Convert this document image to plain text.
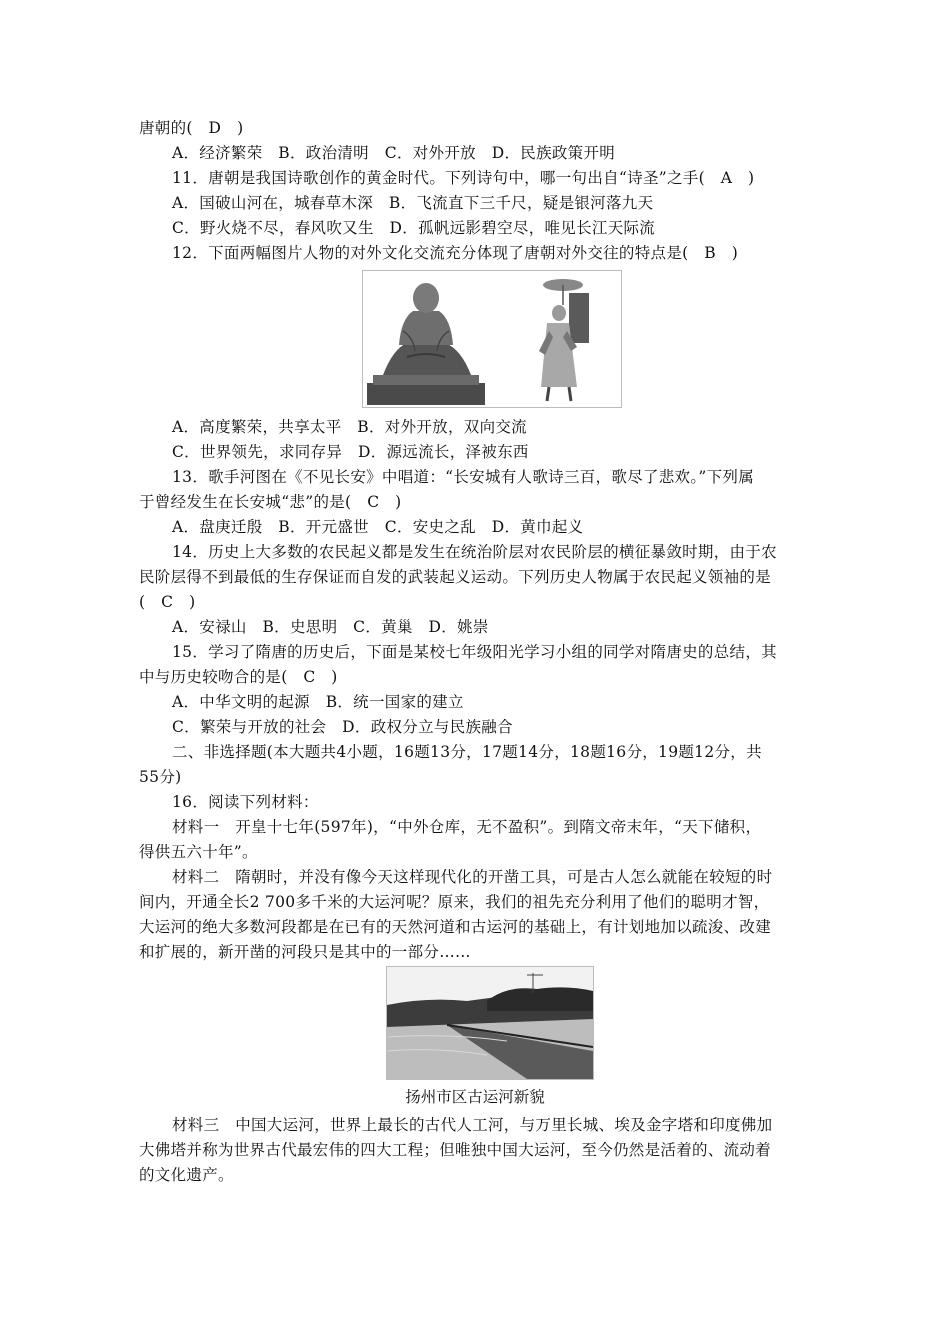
唐朝的(　D　)
A．经济繁荣　B．政治清明　C．对外开放　D．民族政策开明
11．唐朝是我国诗歌创作的黄金时代。下列诗句中，哪一句出自“诗圣”之手(　A　)
A．国破山河在，城春草木深　B．飞流直下三千尺，疑是银河落九天
C．野火烧不尽，春风吹又生　D．孤帆远影碧空尽，唯见长江天际流
12．下面两幅图片人物的对外文化交流充分体现了唐朝对外交往的特点是(　B　)
A．高度繁荣，共享太平　B．对外开放，双向交流
C．世界领先，求同存异　D．源远流长，泽被东西
13．歌手河图在《不见长安》中唱道：“长安城有人歌诗三百，歌尽了悲欢。”下列属
于曾经发生在长安城“悲”的是(　C　)
A．盘庚迁殷　B．开元盛世　C．安史之乱　D．黄巾起义
14．历史上大多数的农民起义都是发生在统治阶层对农民阶层的横征暴敛时期，由于农
民阶层得不到最低的生存保证而自发的武装起义运动。下列历史人物属于农民起义领袖的是
(　C　)
A．安禄山　B．史思明　C．黄巢　D．姚崇
15．学习了隋唐的历史后，下面是某校七年级阳光学习小组的同学对隋唐史的总结，其
中与历史较吻合的是(　C　)
A．中华文明的起源　B．统一国家的建立
C．繁荣与开放的社会　D．政权分立与民族融合
二、非选择题(本大题共4小题，16题13分，17题14分，18题16分，19题12分，共
55分)
16．阅读下列材料：
材料一　开皇十七年(597年)，“中外仓库，无不盈积”。到隋文帝末年，“天下储积，
得供五六十年”。
材料二　隋朝时，并没有像今天这样现代化的开凿工具，可是古人怎么就能在较短的时
间内，开通全长2 700多千米的大运河呢？原来，我们的祖先充分利用了他们的聪明才智，
大运河的绝大多数河段都是在已有的天然河道和古运河的基础上，有计划地加以疏浚、改建
和扩展的，新开凿的河段只是其中的一部分……
扬州市区古运河新貌
材料三　中国大运河，世界上最长的古代人工河，与万里长城、埃及金字塔和印度佛加
大佛塔并称为世界古代最宏伟的四大工程；但唯独中国大运河，至今仍然是活着的、流动着
的文化遗产。
